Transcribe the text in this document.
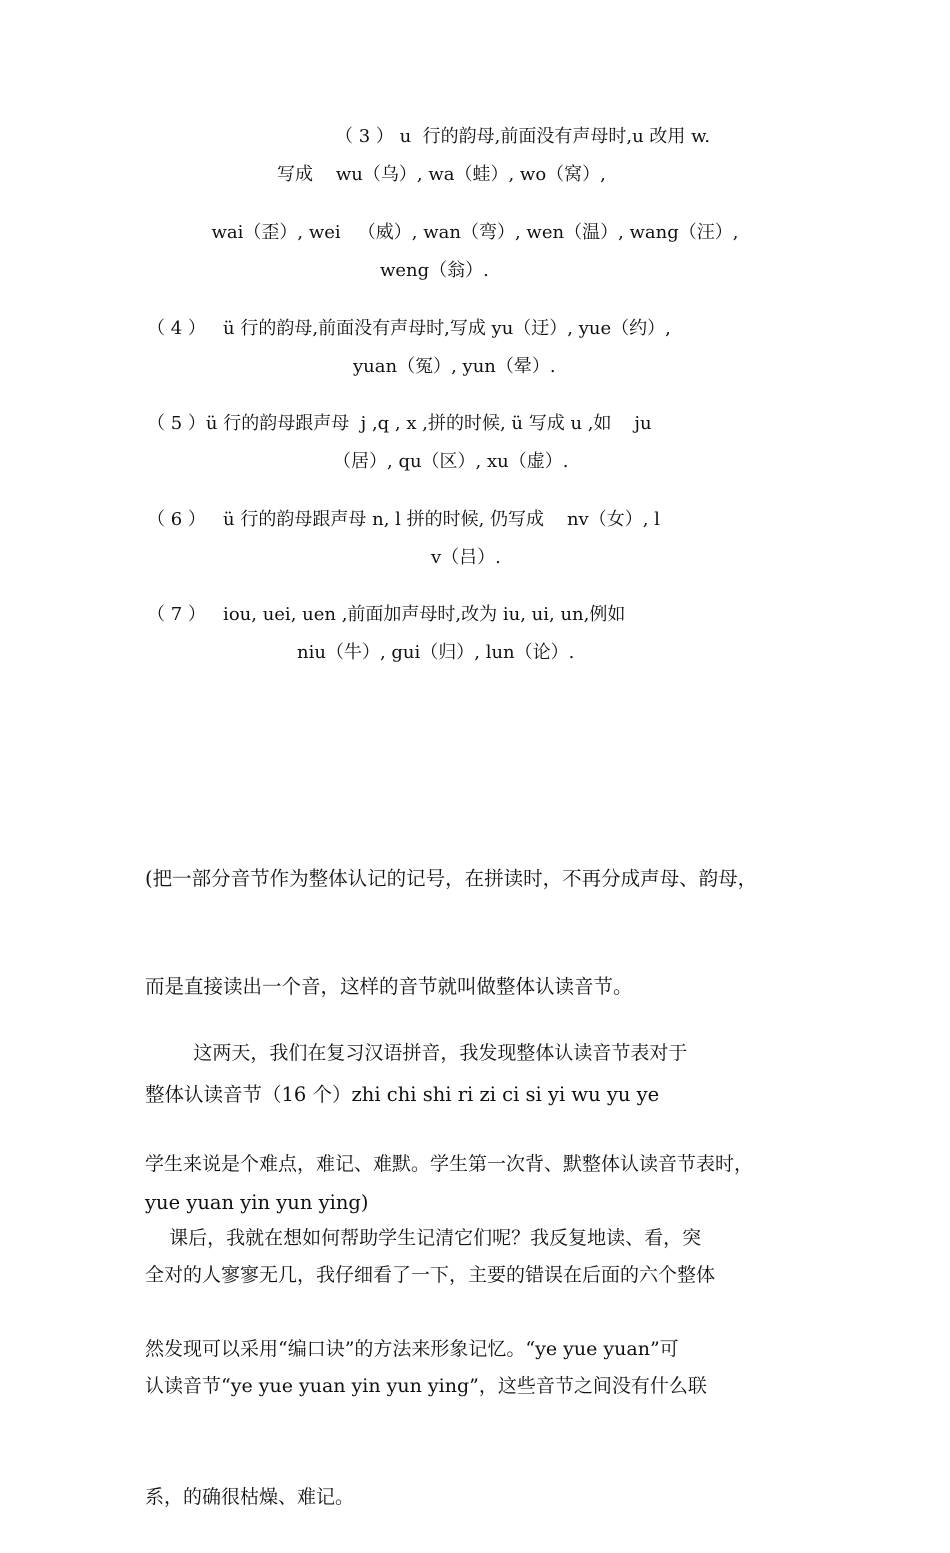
（ 3 ） u  行的韵母,前面没有声母时,u 改用 w.
写成    wu（乌）, wa（蛙）, wo（窝）,
wai（歪）, wei   （威）, wan（弯）, wen（温）, wang（汪）,
weng（翁）.
（ 4 ）   ü 行的韵母,前面没有声母时,写成 yu（迂）, yue（约）,
yuan（冤）, yun（晕）.
（ 5 ）ü 行的韵母跟声母  j ,q , x ,拼的时候, ü 写成 u ,如    ju
（居）, qu（区）, xu（虚）.
（ 6 ）   ü 行的韵母跟声母 n, l 拼的时候, 仍写成    nv（女）, l
v（吕）.
（ 7 ）   iou, uei, uen ,前面加声母时,改为 iu, ui, un,例如
niu（牛）, gui（归）, lun（论）.

(把一部分音节作为整体认记的记号，在拼读时，不再分成声母、韵母，

而是直接读出一个音，这样的音节就叫做整体认读音节。

整体认读音节（16 个）zhi chi shi ri zi ci si yi wu yu ye

yue yuan yin yun ying)

这两天，我们在复习汉语拼音，我发现整体认读音节表对于

学生来说是个难点，难记、难默。学生第一次背、默整体认读音节表时，

全对的人寥寥无几，我仔细看了一下，主要的错误在后面的六个整体

认读音节“ye yue yuan yin yun ying”，这些音节之间没有什么联

系，的确很枯燥、难记。

课后，我就在想如何帮助学生记清它们呢？我反复地读、看，突

然发现可以采用“编口诀”的方法来形象记忆。“ye yue yuan”可
